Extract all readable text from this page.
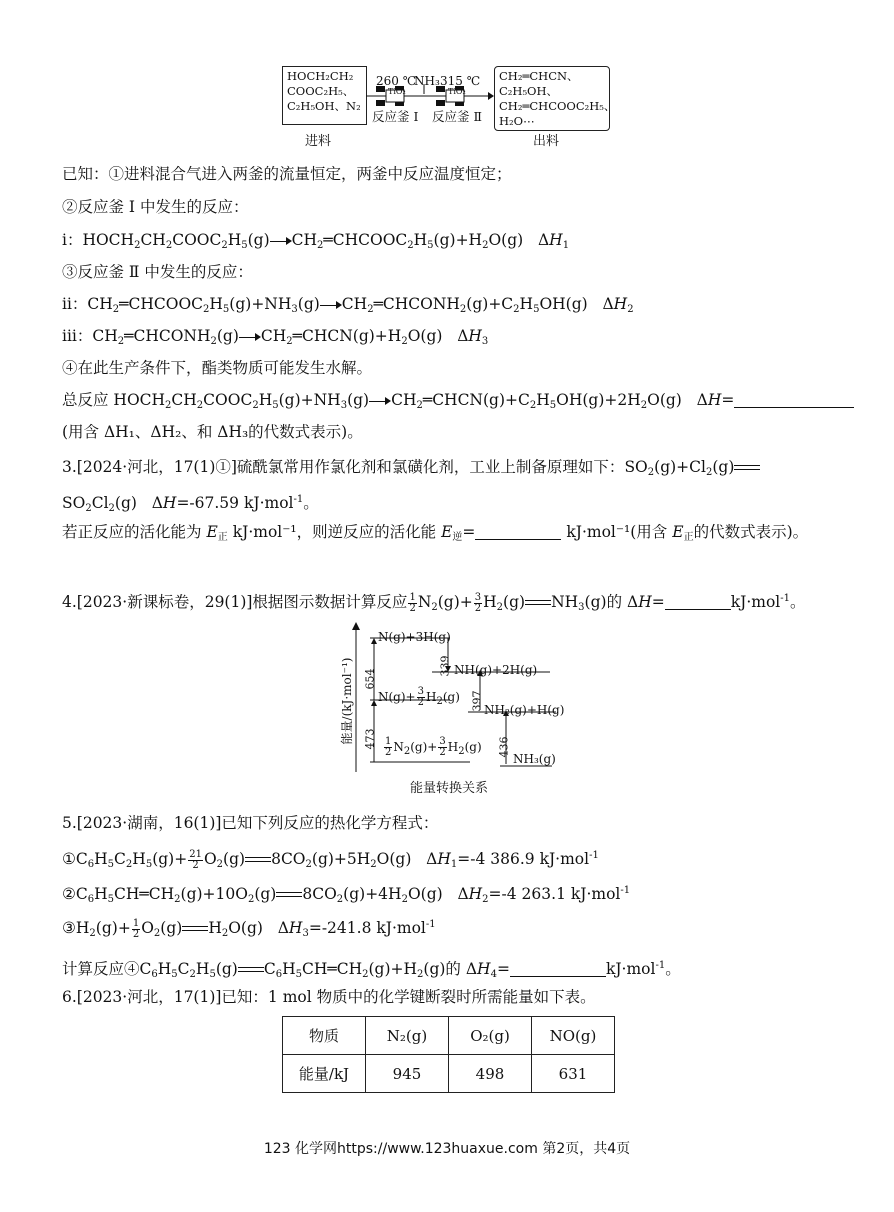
HOCH₂CH₂
COOC₂H₅、
C₂H₅OH、N₂
260 ℃
NH₃ 315 ℃
TiO₂	TiO₂
反应釜 Ⅰ 反应釜 Ⅱ
CH₂═CHCN、
C₂H₅OH、
CH₂═CHCOOC₂H₅、
H₂O⋯
进料	出料
已知：①进料混合气进入两釜的流量恒定，两釜中反应温度恒定；
②反应釜 Ⅰ 中发生的反应：
ⅰ：$HOCH_2CH_2COOC_2H_5(g)$ $CH_2═CHCOOC_2H_5(g)+H_2O(g)$   $\Delta H_1$
③反应釜 Ⅱ 中发生的反应：
ⅱ：$CH_2═CHCOOC_2H_5(g)+NH_3(g)$ $CH_2═CHCONH_2(g)+C_2H_5OH(g)$   $\Delta H_2$
ⅲ：$CH_2═CHCONH_2(g)$ $CH_2═CHCN(g)+H_2O(g)$   $\Delta H_3$
④在此生产条件下，酯类物质可能发生水解。
总反应 $HOCH_2CH_2COOC_2H_5(g)+NH_3(g)$ $CH_2═CHCN(g)+C_2H_5OH(g)+2H_2O(g)$   ΔH=
(用含 ΔH₁、ΔH₂、和 ΔH₃的代数式表示)。
3.[2024·河北，17(1)①]硫酰氯常用作氯化剂和氯磺化剂，工业上制备原理如下：$SO_2(g)+Cl_2(g)$
$SO_2Cl_2(g)$   ΔH=-67.59 kJ·mol$^{-1}$。
若正反应的活化能为 $E_正$ kJ·mol⁻¹，则逆反应的活化能 $E_逆=$	kJ·mol⁻¹(用含 $E_正$的代数式表示)。
4.[2023·新课标卷，29(1)]根据图示数据计算反应 $\frac{1}{2} N_2(g)+ \frac{3}{2} H_2(g)$ $NH_3(g)$的 ΔH=	kJ·mol$^{-1}$。
能量/(kJ·mol⁻¹)
N(g)+3H(g)
NH(g)+2H(g)
$N(g)+ \frac{3}{2} H_2(g)$
NH₂(g)+H(g)
$\frac{1}{2} N_2(g)+ \frac{3}{2} H_2(g)$
NH₃(g)
654
339
397
473	436
能量转换关系
5.[2023·湖南，16(1)]已知下列反应的热化学方程式：
$①C_6H_5C_2H_5(g)+ \frac{21}{2} O_2(g)$ $8CO_2(g)+5H_2O(g)$   $\Delta H_1=-4$ 386.9 kJ·mol$^{-1}$
$②C_6H_5CH═CH_2(g)+10O_2(g)$ $8CO_2(g)+4H_2O(g)$   $\Delta H_2=-4$ 263.1 kJ·mol$^{-1}$
$③H_2(g)+ \frac{1}{2} O_2(g)$ $H_2O(g)$   $\Delta H_3=-241.8$ kJ·mol$^{-1}$
计算反应$④C_6H_5C_2H_5(g)$ $C_6H_5CH═CH_2(g)+H_2(g)$的 $\Delta H_4=$	kJ·mol$^{-1}$。
6.[2023·河北，17(1)]已知：1 mol 物质中的化学键断裂时所需能量如下表。
物质	N₂(g)	O₂(g)	NO(g)
能量/kJ	945	498	631
123 化学网https://www.123huaxue.com 第2页，共4页
